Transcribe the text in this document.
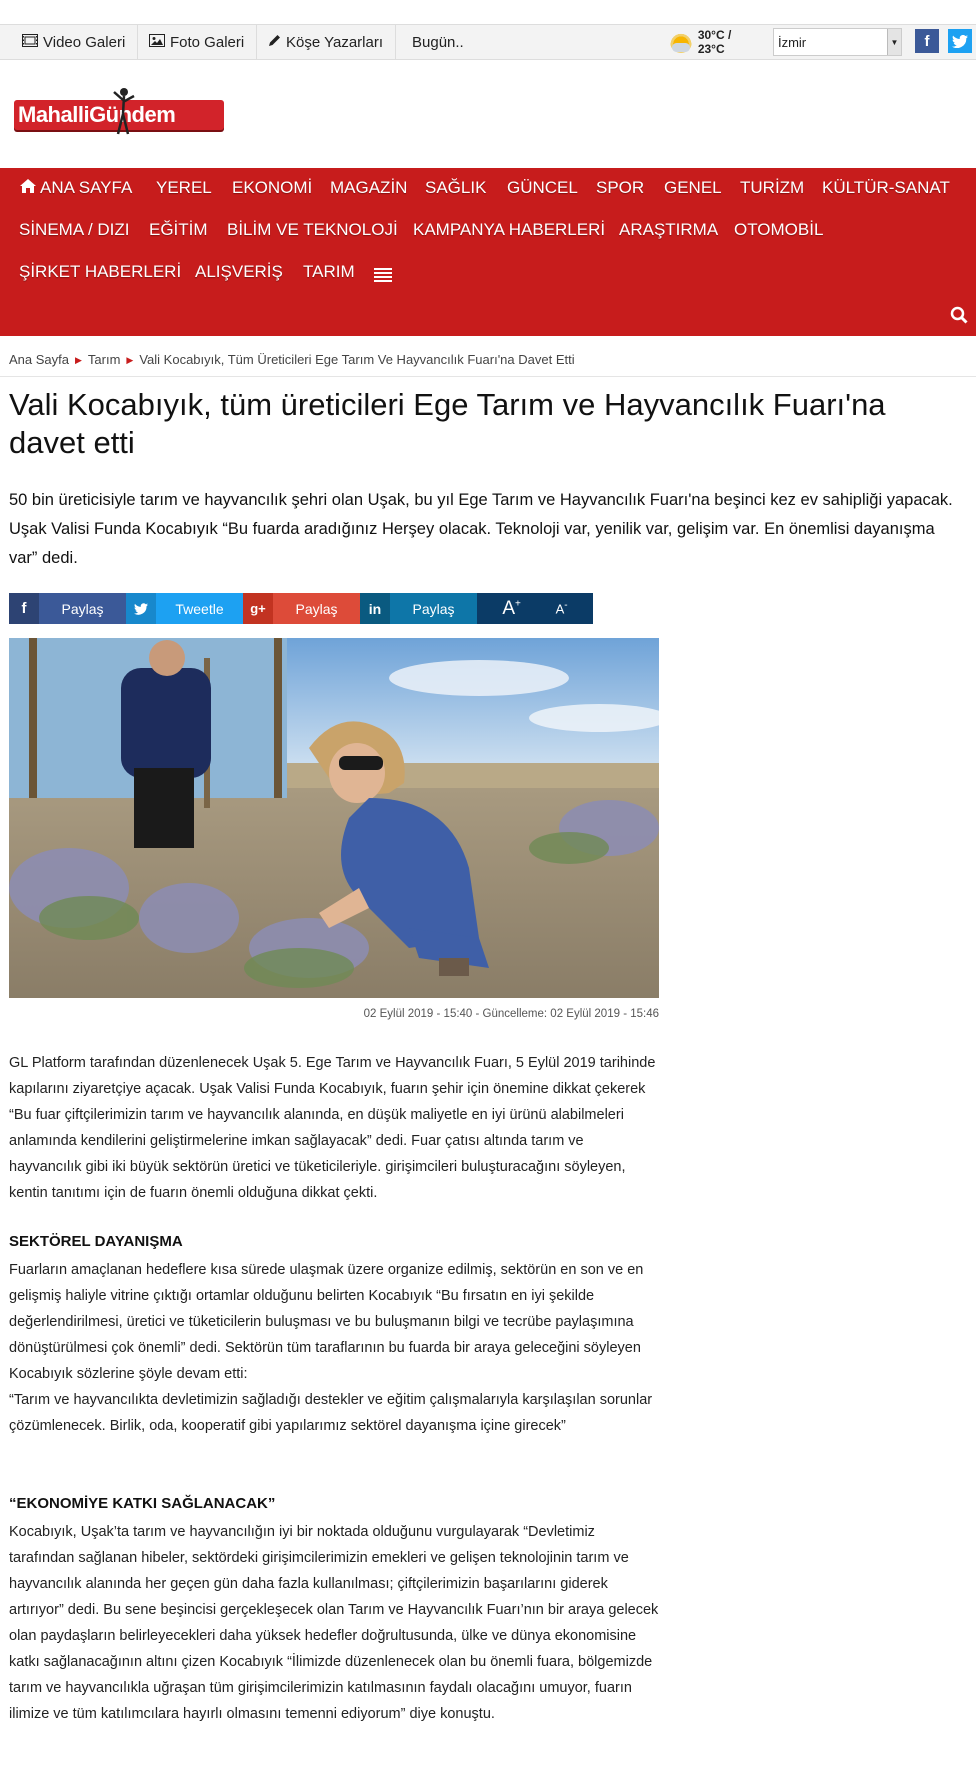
Video Galeri	Foto Galeri	Köşe Yazarları Bugün..	30°C / 23°C	İzmir	▼	f
MahalliGündem
ANA SAYFA YEREL EKONOMİ MAGAZİN SAĞLIK GÜNCEL SPOR GENEL TURİZM KÜLTÜR-SANAT
SİNEMA / DIZI EĞİTİM BİLİM VE TEKNOLOJİ KAMPANYA HABERLERİ ARAŞTIRMA OTOMOBİL
ŞİRKET HABERLERİ ALIŞVERİŞ TARIM
Ana Sayfa ▶ Tarım ▶ Vali Kocabıyık, Tüm Üreticileri Ege Tarım Ve Hayvancılık Fuarı'na Davet Etti
Vali Kocabıyık, tüm üreticileri Ege Tarım ve Hayvancılık Fuarı'na davet etti

50 bin üreticisiyle tarım ve hayvancılık şehri olan Uşak, bu yıl Ege Tarım ve Hayvancılık Fuarı'na beşinci kez ev sahipliği yapacak. Uşak Valisi Funda Kocabıyık “Bu fuarda aradığınız Herşey olacak. Teknoloji var, yenilik var, gelişim var. En önemlisi dayanışma var” dedi.

f	Paylaş	Tweetle	g+	Paylaş	in	Paylaş	A+	A-
02 Eylül 2019 - 15:40 - Güncelleme: 02 Eylül 2019 - 15:46

GL Platform tarafından düzenlenecek Uşak 5. Ege Tarım ve Hayvancılık Fuarı, 5 Eylül 2019 tarihinde kapılarını ziyaretçiye açacak. Uşak Valisi Funda Kocabıyık, fuarın şehir için önemine dikkat çekerek “Bu fuar çiftçilerimizin tarım ve hayvancılık alanında, en düşük maliyetle en iyi ürünü alabilmeleri anlamında kendilerini geliştirmelerine imkan sağlayacak” dedi. Fuar çatısı altında tarım ve hayvancılık gibi iki büyük sektörün üretici ve tüketicileriyle. girişimcileri buluşturacağını söyleyen, kentin tanıtımı için de fuarın önemli olduğuna dikkat çekti.

SEKTÖREL DAYANIŞMA

Fuarların amaçlanan hedeflere kısa sürede ulaşmak üzere organize edilmiş, sektörün en son ve en gelişmiş haliyle vitrine çıktığı ortamlar olduğunu belirten Kocabıyık “Bu fırsatın en iyi şekilde değerlendirilmesi, üretici ve tüketicilerin buluşması ve bu buluşmanın bilgi ve tecrübe paylaşımına dönüştürülmesi çok önemli” dedi. Sektörün tüm taraflarının bu fuarda bir araya geleceğini söyleyen Kocabıyık sözlerine şöyle devam etti:

“Tarım ve hayvancılıkta devletimizin sağladığı destekler ve eğitim çalışmalarıyla karşılaşılan sorunlar çözümlenecek. Birlik, oda, kooperatif gibi yapılarımız sektörel dayanışma içine girecek”

“EKONOMİYE KATKI SAĞLANACAK”

Kocabıyık, Uşak’ta tarım ve hayvancılığın iyi bir noktada olduğunu vurgulayarak “Devletimiz tarafından sağlanan hibeler, sektördeki girişimcilerimizin emekleri ve gelişen teknolojinin tarım ve hayvancılık alanında her geçen gün daha fazla kullanılması; çiftçilerimizin başarılarını giderek artırıyor” dedi. Bu sene beşincisi gerçekleşecek olan Tarım ve Hayvancılık Fuarı’nın bir araya gelecek olan paydaşların belirleyecekleri daha yüksek hedefler doğrultusunda, ülke ve dünya ekonomisine katkı sağlanacağının altını çizen Kocabıyık “İlimizde düzenlenecek olan bu önemli fuara, bölgemizde tarım ve hayvancılıkla uğraşan tüm girişimcilerimizin katılmasının faydalı olacağını umuyor, fuarın ilimize ve tüm katılımcılara hayırlı olmasını temenni ediyorum” diye konuştu.
